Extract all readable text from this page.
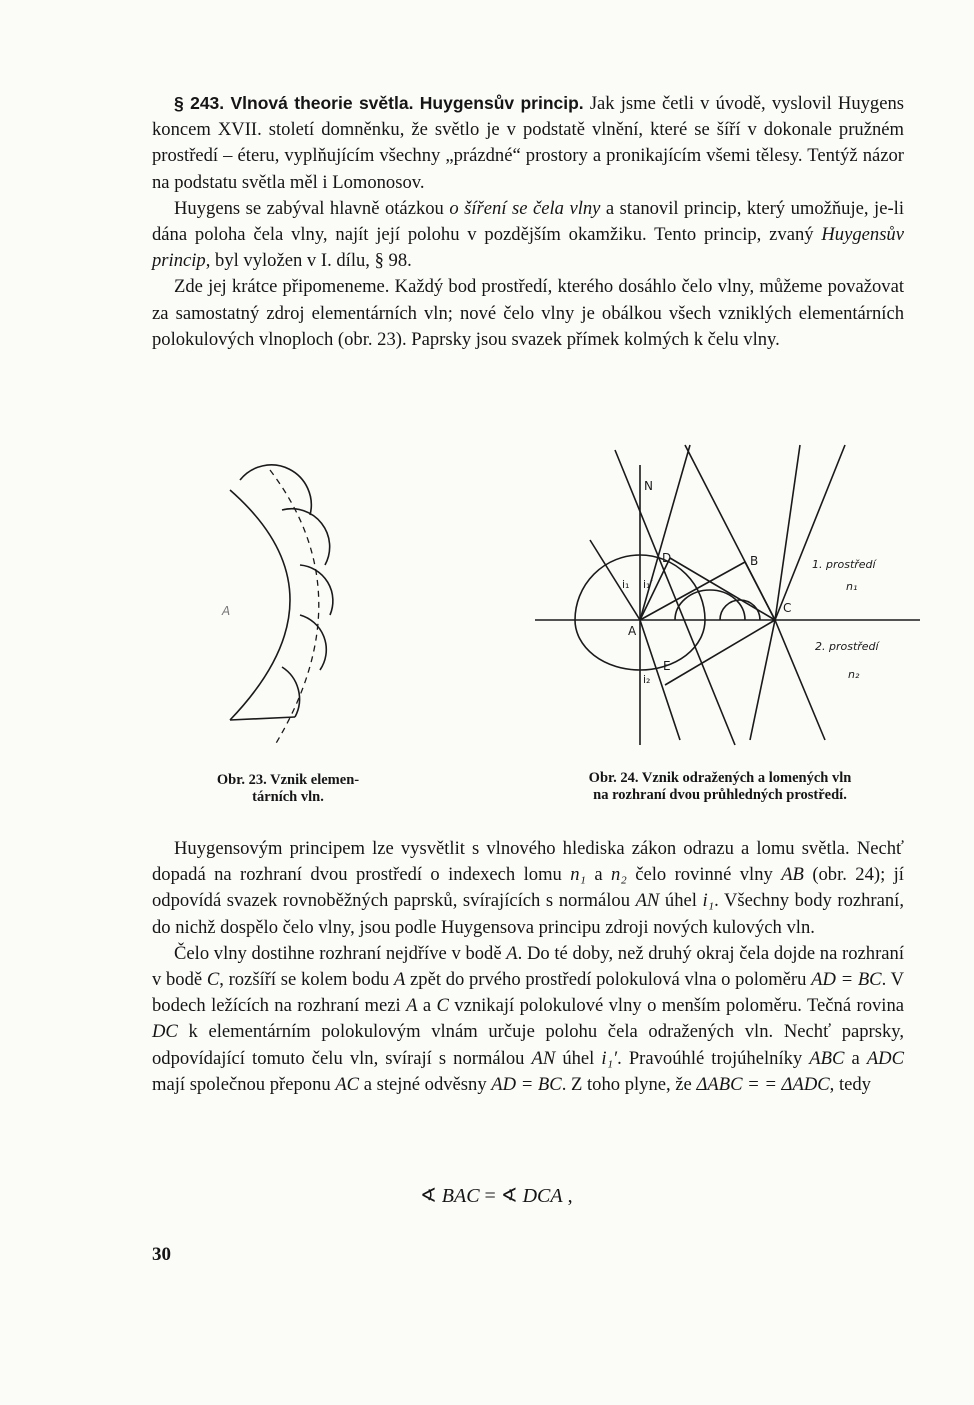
§ 243. Vlnová theorie světla. Huygensův princip. Jak jsme četli v úvodě, vyslovil Huygens koncem XVII. století domněnku, že světlo je v podstatě vlnění, které se šíří v dokonale pružném prostředí – éteru, vyplňujícím všechny „prázdné“ prostory a pronikajícím všemi tělesy. Tentýž názor na podstatu světla měl i Lomonosov.

Huygens se zabýval hlavně otázkou o šíření se čela vlny a stanovil princip, který umožňuje, je-li dána poloha čela vlny, najít její polohu v pozdějším okamžiku. Tento princip, zvaný Huygensův princip, byl vyložen v I. dílu, § 98.

Zde jej krátce připomeneme. Každý bod prostředí, kterého dosáhlo čelo vlny, můžeme považovat za samostatný zdroj elementárních vln; nové čelo vlny je obálkou všech vzniklých elementárních polokulových vlnoploch (obr. 23). Paprsky jsou svazek přímek kolmých k čelu vlny.

A
Obr. 23. Vznik elemen-
tárních vln.
N
D	B
C
A
E
i₁ i₁′
i₂
1. prostředí
n₁
2. prostředí
n₂
Obr. 24. Vznik odražených a lomených vln
na rozhraní dvou průhledných prostředí.

Huygensovým principem lze vysvětlit s vlnového hlediska zákon odrazu a lomu světla. Nechť dopadá na rozhraní dvou prostředí o indexech lomu n₁ a n₂ čelo rovinné vlny AB (obr. 24); jí odpovídá svazek rovnoběžných paprsků, svírajících s normálou AN úhel i₁. Všechny body rozhraní, do nichž dospělo čelo vlny, jsou podle Huygensova principu zdroji nových kulových vln.

Čelo vlny dostihne rozhraní nejdříve v bodě A. Do té doby, než druhý okraj čela dojde na rozhraní v bodě C, rozšíří se kolem bodu A zpět do prvého prostředí polokulová vlna o poloměru AD = BC. V bodech ležících na rozhraní mezi A a C vznikají polokulové vlny o menším poloměru. Tečná rovina DC k elementárním polokulovým vlnám určuje polohu čela odražených vln. Nechť paprsky, odpovídající tomuto čelu vln, svírají s normálou AN úhel i₁′. Pravoúhlé trojúhelníky ABC a ADC mají společnou přeponu AC a stejné odvěsny AD = BC. Z toho plyne, že ΔABC = = ΔADC, tedy

∢ BAC = ∢ DCA ,
30
